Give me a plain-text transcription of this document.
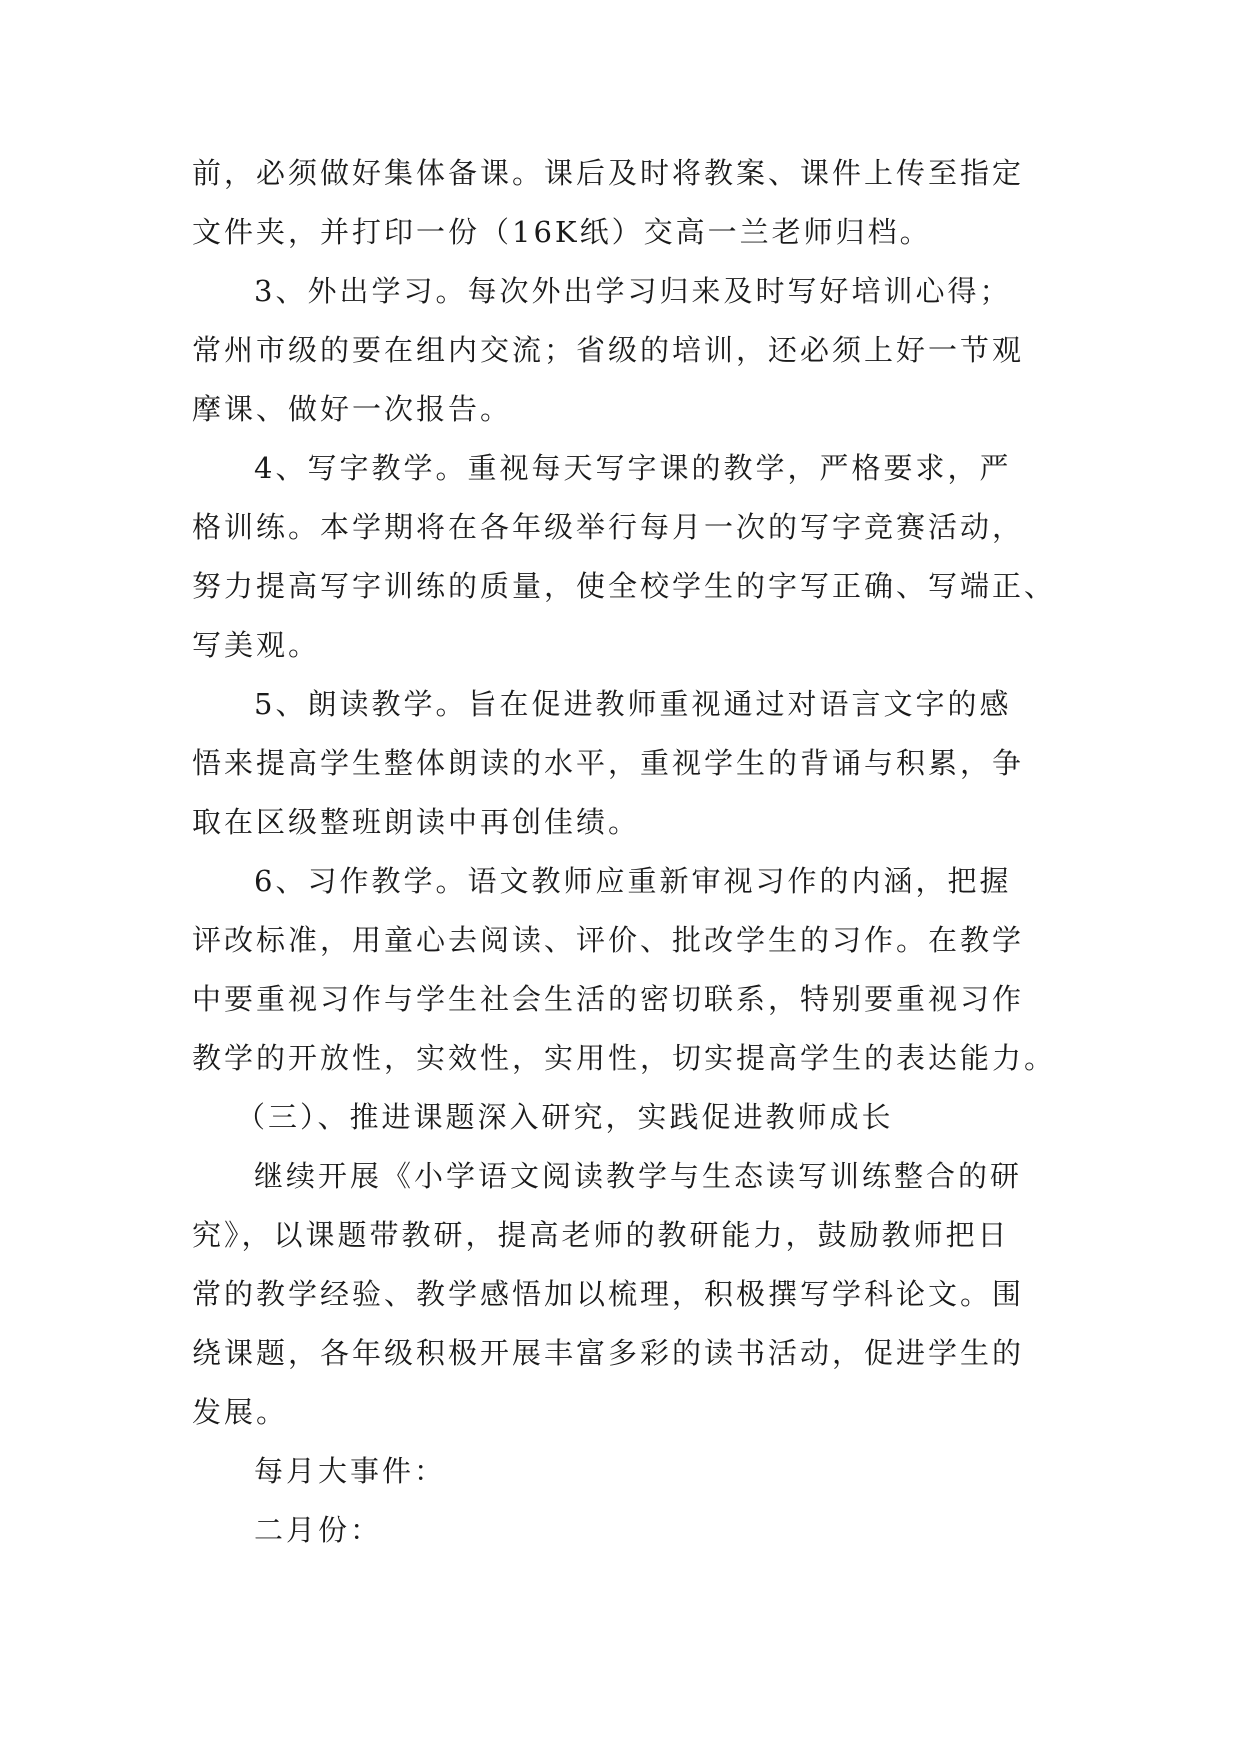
前，必须做好集体备课。课后及时将教案、课件上传至指定
文件夹，并打印一份（16K纸）交高一兰老师归档。
3、外出学习。每次外出学习归来及时写好培训心得；
常州市级的要在组内交流；省级的培训，还必须上好一节观
摩课、做好一次报告。
4、写字教学。重视每天写字课的教学，严格要求，严
格训练。本学期将在各年级举行每月一次的写字竞赛活动，
努力提高写字训练的质量，使全校学生的字写正确、写端正、
写美观。
5、朗读教学。旨在促进教师重视通过对语言文字的感
悟来提高学生整体朗读的水平，重视学生的背诵与积累，争
取在区级整班朗读中再创佳绩。
6、习作教学。语文教师应重新审视习作的内涵，把握
评改标准，用童心去阅读、评价、批改学生的习作。在教学
中要重视习作与学生社会生活的密切联系，特别要重视习作
教学的开放性，实效性，实用性，切实提高学生的表达能力。
（三）、推进课题深入研究，实践促进教师成长
继续开展《小学语文阅读教学与生态读写训练整合的研
究》，以课题带教研，提高老师的教研能力，鼓励教师把日
常的教学经验、教学感悟加以梳理，积极撰写学科论文。围
绕课题，各年级积极开展丰富多彩的读书活动，促进学生的
发展。
每月大事件：
二月份：
